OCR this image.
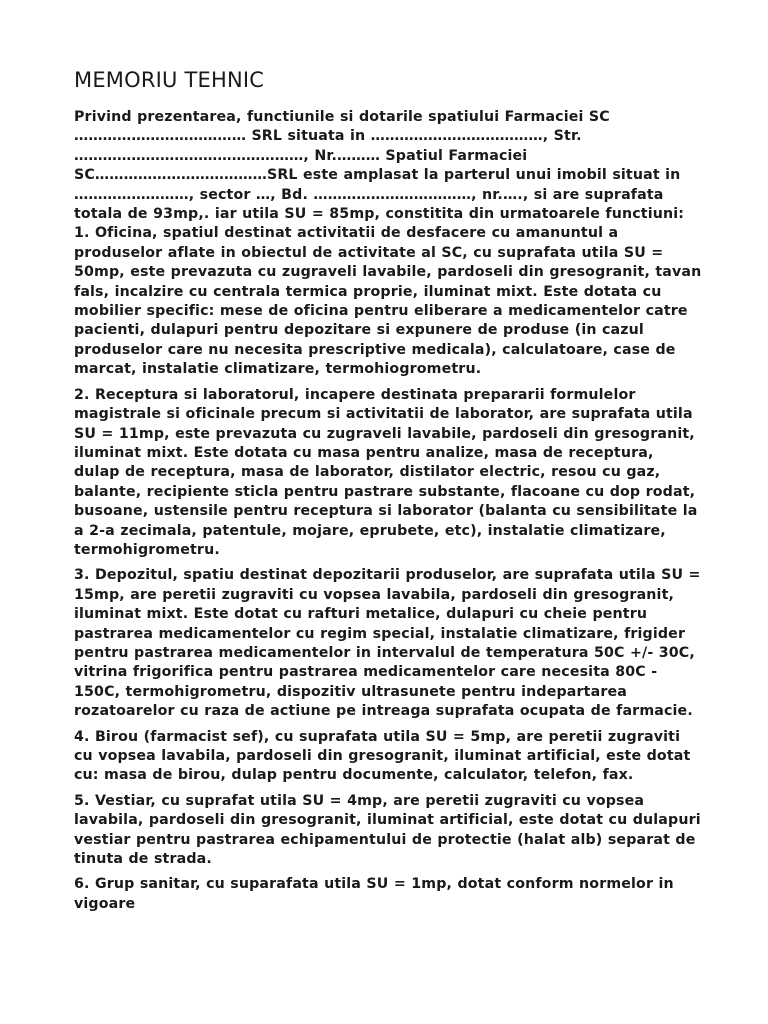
MEMORIU TEHNIC

Privind prezentarea, functiunile si dotarile spatiului Farmaciei SC ……………………………… SRL situata in ………………………………, Str. …………………………………………, Nr.……… Spatiul Farmaciei SC………………………………SRL este amplasat la parterul unui imobil situat in ……………………, sector …, Bd. ……………………………, nr.…., si are suprafata totala de 93mp,. iar utila SU = 85mp, constitita din urmatoarele functiuni: 1. Oficina, spatiul destinat activitatii de desfacere cu amanuntul a produselor aflate in obiectul de activitate al SC, cu suprafata utila SU = 50mp, este prevazuta cu zugraveli lavabile, pardoseli din gresogranit, tavan fals, incalzire cu centrala termica proprie, iluminat mixt. Este dotata cu mobilier specific: mese de oficina pentru eliberare a medicamentelor catre pacienti, dulapuri pentru depozitare si expunere de produse (in cazul produselor care nu necesita prescriptive medicala), calculatoare, case de marcat, instalatie climatizare, termohiogrometru.

2. Receptura si laboratorul, incapere destinata prepararii formulelor magistrale si oficinale precum si activitatii de laborator, are suprafata utila SU = 11mp, este prevazuta cu zugraveli lavabile, pardoseli din gresogranit, iluminat mixt. Este dotata cu masa pentru analize, masa de receptura, dulap de receptura, masa de laborator, distilator electric, resou cu gaz, balante, recipiente sticla pentru pastrare substante, flacoane cu dop rodat, busoane, ustensile pentru receptura si laborator (balanta cu sensibilitate la a 2-a zecimala, patentule, mojare, eprubete, etc), instalatie climatizare, termohigrometru.

3. Depozitul, spatiu destinat depozitarii produselor, are suprafata utila SU = 15mp, are peretii zugraviti cu vopsea lavabila, pardoseli din gresogranit, iluminat mixt. Este dotat cu rafturi metalice, dulapuri cu cheie pentru pastrarea medicamentelor cu regim special, instalatie climatizare, frigider pentru pastrarea medicamentelor in intervalul de temperatura 50C +/- 30C, vitrina frigorifica pentru pastrarea medicamentelor care necesita 80C - 150C, termohigrometru, dispozitiv ultrasunete pentru indepartarea rozatoarelor cu raza de actiune pe intreaga suprafata ocupata de farmacie.

4. Birou (farmacist sef), cu suprafata utila SU = 5mp, are peretii zugraviti cu vopsea lavabila, pardoseli din gresogranit, iluminat artificial, este dotat cu: masa de birou, dulap pentru documente, calculator, telefon, fax.

5. Vestiar, cu suprafat utila SU = 4mp, are peretii zugraviti cu vopsea lavabila, pardoseli din gresogranit, iluminat artificial, este dotat cu dulapuri vestiar pentru pastrarea echipamentului de protectie (halat alb) separat de tinuta de strada.

6. Grup sanitar, cu suparafata utila SU = 1mp, dotat conform normelor in vigoare
